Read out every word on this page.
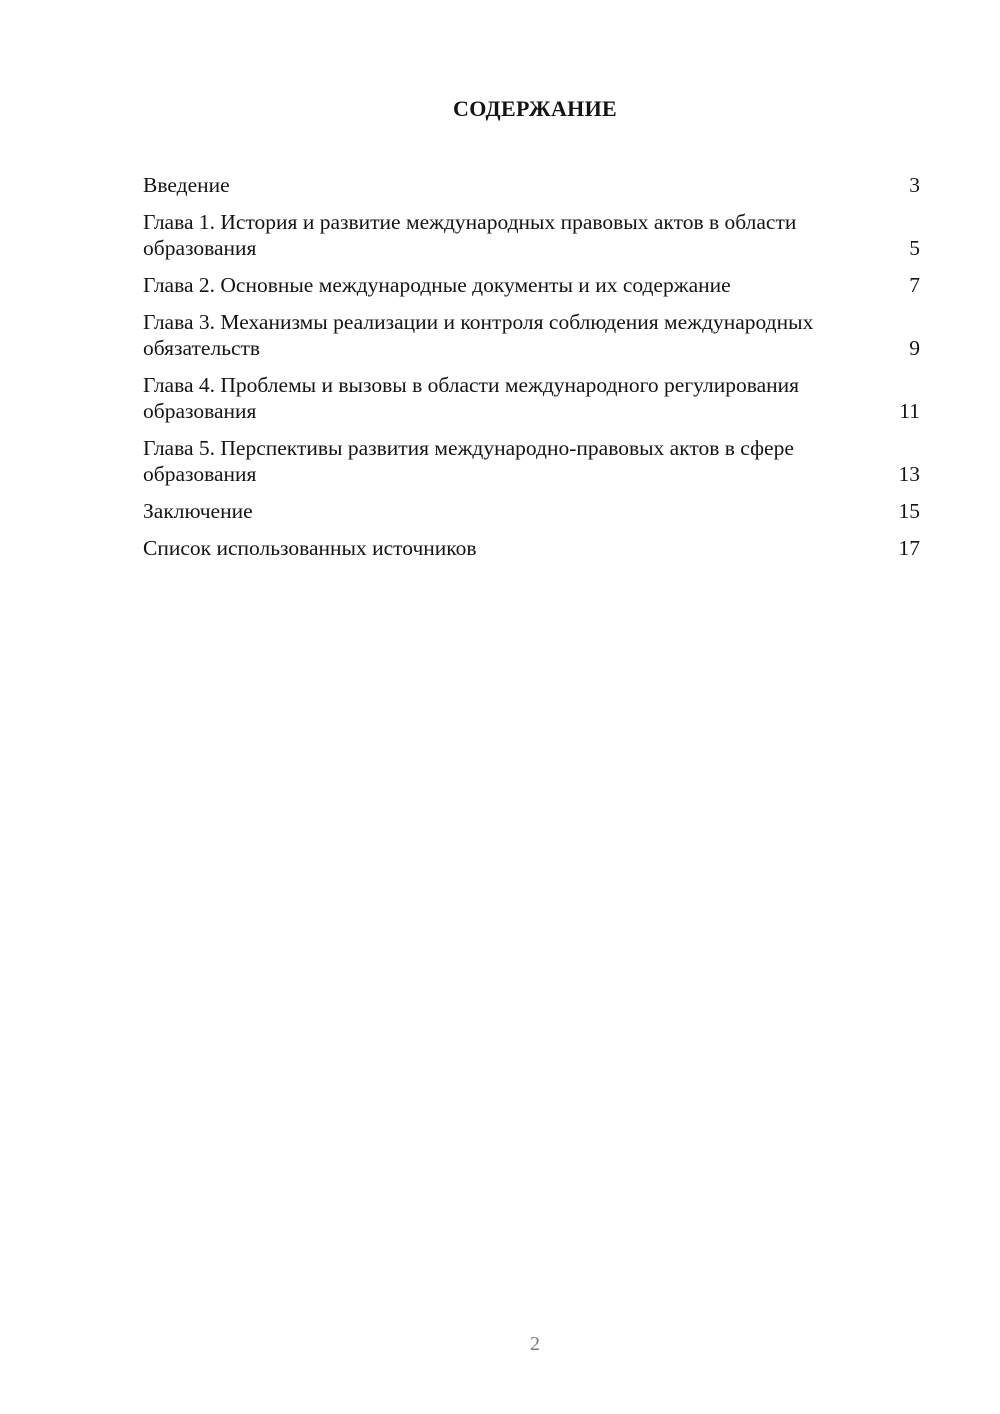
СОДЕРЖАНИЕ
Введение	3
Глава 1. История и развитие международных правовых актов в области образования	5
Глава 2. Основные международные документы и их содержание	7
Глава 3. Механизмы реализации и контроля соблюдения международных обязательств	9
Глава 4. Проблемы и вызовы в области международного регулирования образования	11
Глава 5. Перспективы развития международно-правовых актов в сфере образования	13
Заключение	15
Список использованных источников	17
2
